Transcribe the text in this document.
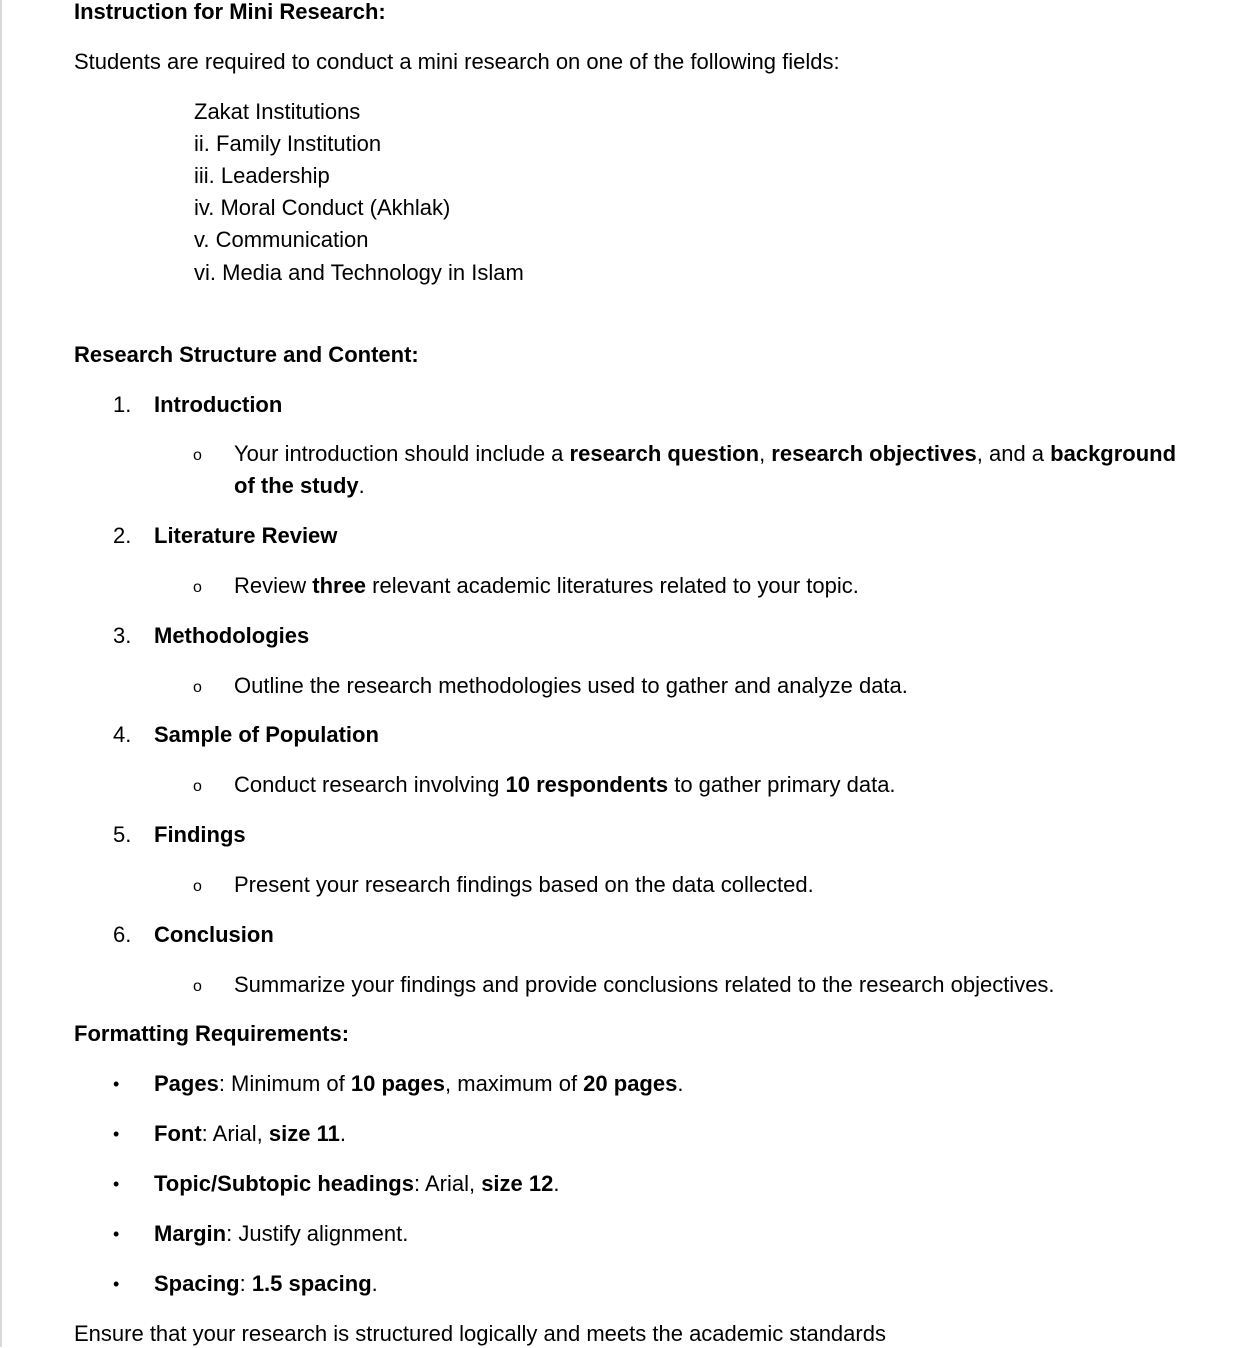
Instruction for Mini Research:
Students are required to conduct a mini research on one of the following fields:
Zakat Institutions
ii. Family Institution
iii. Leadership
iv. Moral Conduct (Akhlak)
v. Communication
vi. Media and Technology in Islam
Research Structure and Content:
1. Introduction
o Your introduction should include a research question, research objectives, and a background
of the study.
2. Literature Review
o Review three relevant academic literatures related to your topic.
3. Methodologies
o Outline the research methodologies used to gather and analyze data.
4. Sample of Population
o Conduct research involving 10 respondents to gather primary data.
5. Findings
o Present your research findings based on the data collected.
6. Conclusion
o Summarize your findings and provide conclusions related to the research objectives.
Formatting Requirements:
• Pages: Minimum of 10 pages, maximum of 20 pages.
• Font: Arial, size 11.
• Topic/Subtopic headings: Arial, size 12.
• Margin: Justify alignment.
• Spacing: 1.5 spacing.
Ensure that your research is structured logically and meets the academic standards
